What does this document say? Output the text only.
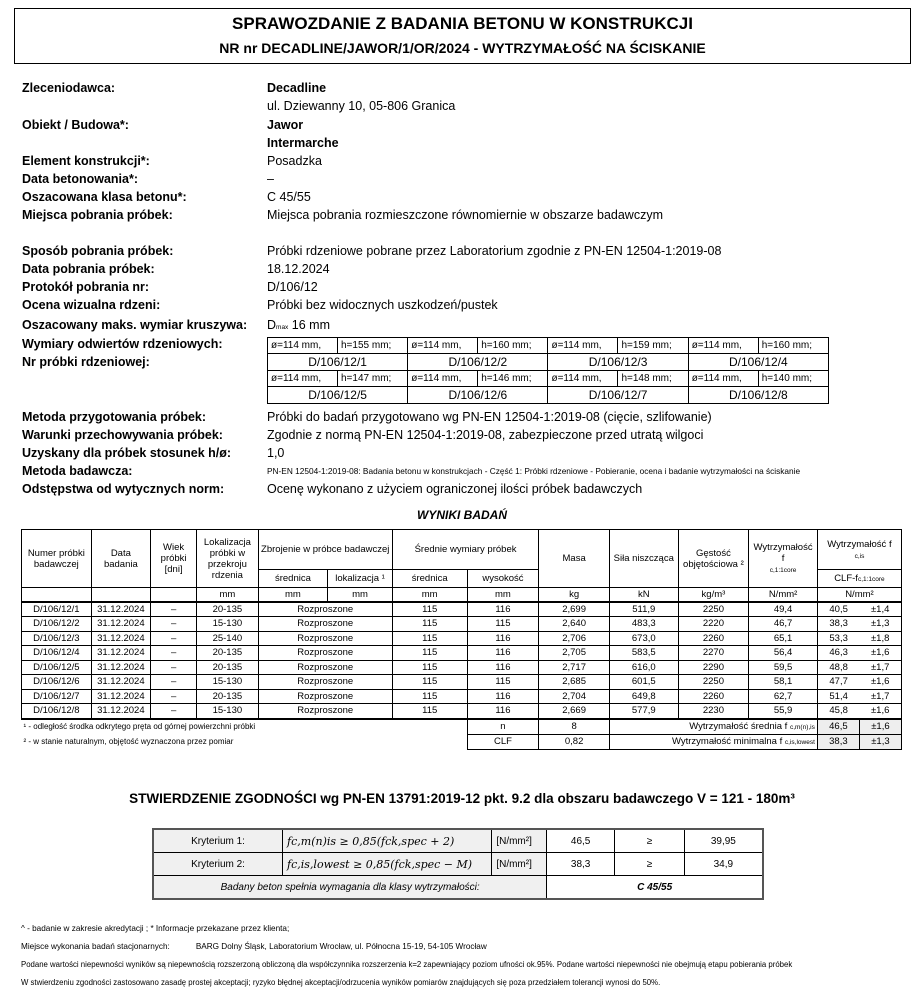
SPRAWOZDANIE Z BADANIA BETONU W KONSTRUKCJI
NR nr DECADLINE/JAWOR/1/OR/2024 - WYTRZYMAŁOŚĆ NA ŚCISKANIE
Zleceniodawca:	Decadline
ul. Dziewanny 10, 05-806 Granica
Obiekt / Budowa*:	Jawor
Intermarche
Element konstrukcji*:	Posadzka
Data betonowania*:	–
Oszacowana klasa betonu*:	C 45/55
Miejsca pobrania próbek:	Miejsca pobrania rozmieszczone równomiernie w obszarze badawczym
Sposób pobrania próbek:	Próbki rdzeniowe pobrane przez Laboratorium zgodnie z PN-EN 12504-1:2019-08
Data pobrania próbek:	18.12.2024
Protokół pobrania nr:	D/106/12
Ocena wizualna rdzeni:	Próbki bez widocznych uszkodzeń/pustek
Oszacowany maks. wymiar kruszywa: Dmax 16 mm
Wymiary odwiertów rdzeniowych:
Nr próbki rdzeniowej:
ø=114 mm,	h=155 mm;	ø=114 mm,	h=160 mm;	ø=114 mm,	h=159 mm;	ø=114 mm,	h=160 mm;
D/106/12/1		D/106/12/2		D/106/12/3		D/106/12/4	
ø=114 mm,	h=147 mm;	ø=114 mm,	h=146 mm;	ø=114 mm,	h=148 mm;	ø=114 mm,	h=140 mm;
D/106/12/5		D/106/12/6		D/106/12/7		D/106/12/8	
Metoda przygotowania próbek:	Próbki do badań przygotowano wg PN-EN 12504-1:2019-08 (cięcie, szlifowanie)
Warunki przechowywania próbek:	Zgodnie z normą PN-EN 12504-1:2019-08, zabezpieczone przed utratą wilgoci
Uzyskany dla próbek stosunek h/ø:	1,0
Metoda badawcza:	PN-EN 12504-1:2019-08: Badania betonu w konstrukcjach - Część 1: Próbki rdzeniowe - Pobieranie, ocena i badanie wytrzymałości na ściskanie
Odstępstwa od wytycznych norm:	Ocenę wykonano z użyciem ograniczonej ilości próbek badawczych
WYNIKI BADAŃ
Numer próbki badawczej	Data badania	Wiek próbki [dni]	Lokalizacja próbki w przekroju rdzenia	Zbrojenie w próbce badawczej		Średnie wymiary próbek		Masa	Siła niszcząca	Gęstość objętościowa ²	Wytrzymałość f
c,1:1core	Wytrzymałość f
c,is	
				średnica	lokalizacja ¹	średnica	wysokość					CLF-fc,1:1core	
			mm	mm	mm	mm	mm	kg	kN	kg/m³	N/mm²	N/mm²	
D/106/12/1	31.12.2024	–	20-135	Rozproszone		115	116	2,699	511,9	2250	49,4	40,5	±1,4
D/106/12/2	31.12.2024	–	15-130	Rozproszone		115	115	2,640	483,3	2220	46,7	38,3	±1,3
D/106/12/3	31.12.2024	–	25-140	Rozproszone		115	116	2,706	673,0	2260	65,1	53,3	±1,8
D/106/12/4	31.12.2024	–	20-135	Rozproszone		115	116	2,705	583,5	2270	56,4	46,3	±1,6
D/106/12/5	31.12.2024	–	20-135	Rozproszone		115	116	2,717	616,0	2290	59,5	48,8	±1,7
D/106/12/6	31.12.2024	–	15-130	Rozproszone		115	115	2,685	601,5	2250	58,1	47,7	±1,6
D/106/12/7	31.12.2024	–	20-135	Rozproszone		115	116	2,704	649,8	2260	62,7	51,4	±1,7
D/106/12/8	31.12.2024	–	15-130	Rozproszone		115	116	2,669	577,9	2230	55,9	45,8	±1,6
¹ - odległość środka odkrytego pręta od górnej powierzchni próbki							n	8	Wytrzymałość średnia f c,m(n),is			46,5	±1,6
² - w stanie naturalnym, objętość wyznaczona przez pomiar							CLF	0,82	Wytrzymałość minimalna f c,is,lowest			38,3	±1,3
STWIERDZENIE ZGODNOŚCI wg PN-EN 13791:2019-12 pkt. 9.2 dla obszaru badawczego V = 121 - 180m³
Kryterium 1:	fc,m(n)is ≥ 0,85(fck,spec + 2)	[N/mm²]	46,5	≥	39,95
Kryterium 2:	fc,is,lowest ≥ 0,85(fck,spec − M)	[N/mm²]	38,3	≥	34,9
Badany beton spełnia wymagania dla klasy wytrzymałości:			C 45/55		
^ - badanie w zakresie akredytacji ; * Informacje przekazane przez klienta;
Miejsce wykonania badań stacjonarnych:	BARG Dolny Śląsk, Laboratorium Wrocław, ul. Północna 15-19, 54-105 Wrocław
Podane wartości niepewności wyników są niepewnością rozszerzoną obliczoną dla współczynnika rozszerzenia k=2 zapewniający poziom ufności ok.95%. Podane wartości niepewności nie obejmują etapu pobierania próbek
W stwierdzeniu zgodności zastosowano zasadę prostej akceptacji; ryzyko błędnej akceptacji/odrzucenia wyników pomiarów znajdujących się poza przedziałem tolerancji wynosi do 50%.
